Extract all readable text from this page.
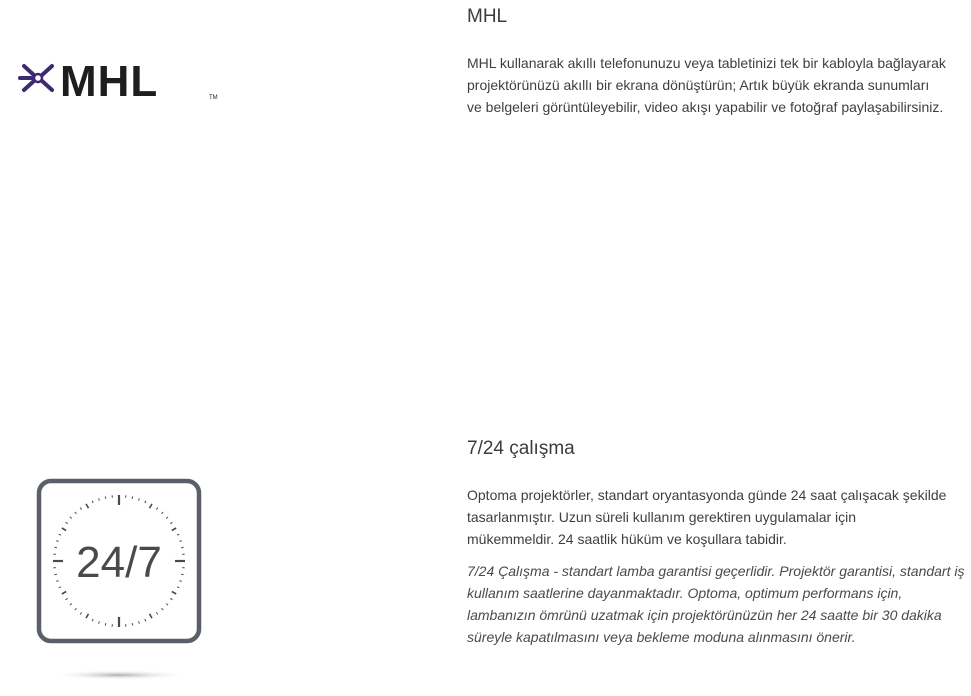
MHL	TM
MHL

MHL kullanarak akıllı telefonunuzu veya tabletinizi tek bir kabloyla bağlayarak projektörünüzü akıllı bir ekrana dönüştürün; Artık büyük ekranda sunumları ve belgeleri görüntüleyebilir, video akışı yapabilir ve fotoğraf paylaşabilirsiniz.

24/7
7/24 çalışma

Optoma projektörler, standart oryantasyonda günde 24 saat çalışacak şekilde tasarlanmıştır. Uzun süreli kullanım gerektiren uygulamalar için mükemmeldir. 24 saatlik hüküm ve koşullara tabidir.

7/24 Çalışma - standart lamba garantisi geçerlidir. Projektör garantisi, standart iş kullanım saatlerine dayanmaktadır. Optoma, optimum performans için, lambanızın ömrünü uzatmak için projektörünüzün her 24 saatte bir 30 dakika süreyle kapatılmasını veya bekleme moduna alınmasını önerir.
